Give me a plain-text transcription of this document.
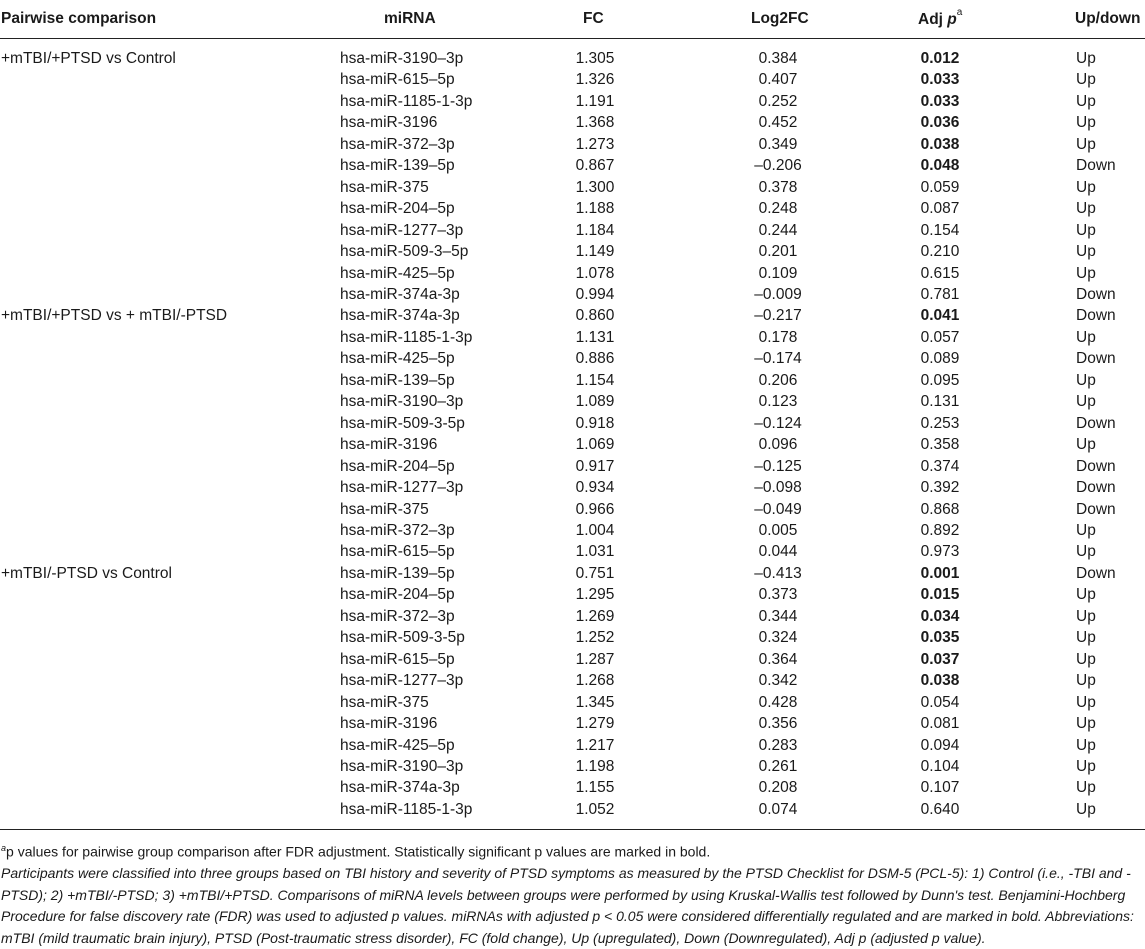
Pairwise comparison	miRNA	FC	Log2FC	Adj $p^a$	Up/down
+mTBI/+PTSD vs Control	hsa-miR-3190–3p	1.305	0.384	0.012	Up
hsa-miR-615–5p	1.326	0.407	0.033	Up
hsa-miR-1185-1-3p	1.191	0.252	0.033	Up
hsa-miR-3196	1.368	0.452	0.036	Up
hsa-miR-372–3p	1.273	0.349	0.038	Up
hsa-miR-139–5p	0.867	–0.206	0.048	Down
hsa-miR-375	1.300	0.378	0.059	Up
hsa-miR-204–5p	1.188	0.248	0.087	Up
hsa-miR-1277–3p	1.184	0.244	0.154	Up
hsa-miR-509-3–5p	1.149	0.201	0.210	Up
hsa-miR-425–5p	1.078	0.109	0.615	Up
hsa-miR-374a-3p	0.994	–0.009	0.781	Down
+mTBI/+PTSD vs + mTBI/-PTSD	hsa-miR-374a-3p	0.860	–0.217	0.041	Down
hsa-miR-1185-1-3p	1.131	0.178	0.057	Up
hsa-miR-425–5p	0.886	–0.174	0.089	Down
hsa-miR-139–5p	1.154	0.206	0.095	Up
hsa-miR-3190–3p	1.089	0.123	0.131	Up
hsa-miR-509-3-5p	0.918	–0.124	0.253	Down
hsa-miR-3196	1.069	0.096	0.358	Up
hsa-miR-204–5p	0.917	–0.125	0.374	Down
hsa-miR-1277–3p	0.934	–0.098	0.392	Down
hsa-miR-375	0.966	–0.049	0.868	Down
hsa-miR-372–3p	1.004	0.005	0.892	Up
hsa-miR-615–5p	1.031	0.044	0.973	Up
+mTBI/-PTSD vs Control	hsa-miR-139–5p	0.751	–0.413	0.001	Down
hsa-miR-204–5p	1.295	0.373	0.015	Up
hsa-miR-372–3p	1.269	0.344	0.034	Up
hsa-miR-509-3-5p	1.252	0.324	0.035	Up
hsa-miR-615–5p	1.287	0.364	0.037	Up
hsa-miR-1277–3p	1.268	0.342	0.038	Up
hsa-miR-375	1.345	0.428	0.054	Up
hsa-miR-3196	1.279	0.356	0.081	Up
hsa-miR-425–5p	1.217	0.283	0.094	Up
hsa-miR-3190–3p	1.198	0.261	0.104	Up
hsa-miR-374a-3p	1.155	0.208	0.107	Up
hsa-miR-1185-1-3p	1.052	0.074	0.640	Up
$^a$p values for pairwise group comparison after FDR adjustment. Statistically significant p values are marked in bold.
Participants were classified into three groups based on TBI history and severity of PTSD symptoms as measured by the PTSD Checklist for DSM-5 (PCL-5): 1) Control (i.e., -TBI and -PTSD); 2) +mTBI/-PTSD; 3) +mTBI/+PTSD. Comparisons of miRNA levels between groups were performed by using Kruskal-Wallis test followed by Dunn's test. Benjamini-Hochberg Procedure for false discovery rate (FDR) was used to adjusted p values. miRNAs with adjusted p < 0.05 were considered differentially regulated and are marked in bold. Abbreviations: mTBI (mild traumatic brain injury), PTSD (Post-traumatic stress disorder), FC (fold change), Up (upregulated), Down (Downregulated), Adj p (adjusted p value).
